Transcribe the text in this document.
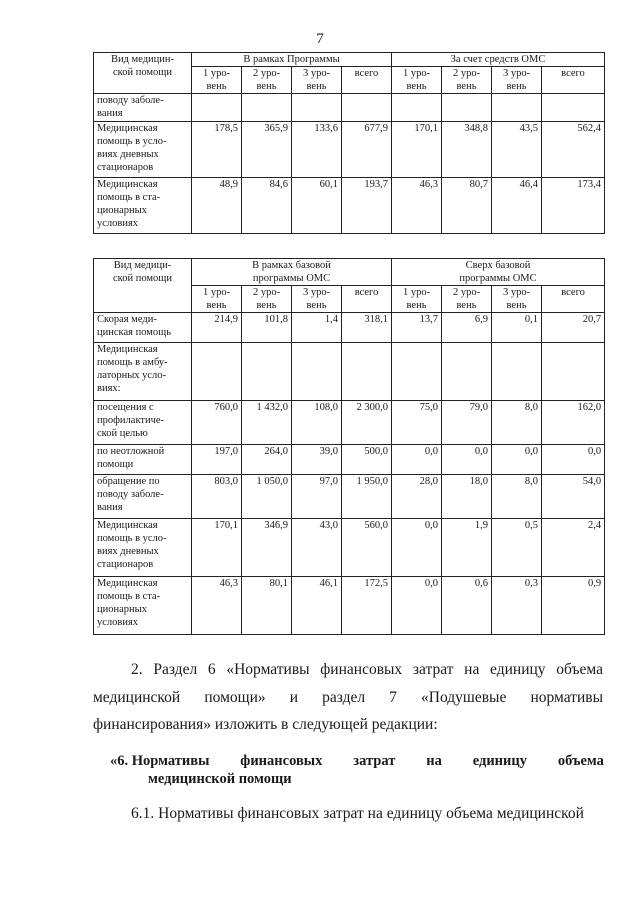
7
Вид медицин-
ской помощи	В рамках Программы				За счет средств ОМС			
	1 уро-
вень	2 уро-
вень	3 уро-
вень	всего	1 уро-
вень	2 уро-
вень	3 уро-
вень	всего
поводу заболе-
вания								
Медицинская
помощь в усло-
виях дневных
стационаров	178,5	365,9	133,6	677,9	170,1	348,8	43,5	562,4
Медицинская
помощь в ста-
ционарных
условиях	48,9	84,6	60,1	193,7	46,3	80,7	46,4	173,4
Вид медици-
ской помощи	В рамках базовой
программы ОМС				Сверх базовой
программы ОМС			
	1 уро-
вень	2 уро-
вень	3 уро-
вень	всего	1 уро-
вень	2 уро-
вень	3 уро-
вень	всего
Скорая меди-
цинская помощь	214,9	101,8	1,4	318,1	13,7	6,9	0,1	20,7
Медицинская
помощь в амбу-
латорных усло-
виях:								
посещения с
профилактиче-
ской целью	760,0	1 432,0	108,0	2 300,0	75,0	79,0	8,0	162,0
по неотложной
помощи	197,0	264,0	39,0	500,0	0,0	0,0	0,0	0,0
обращение по
поводу заболе-
вания	803,0	1 050,0	97,0	1 950,0	28,0	18,0	8,0	54,0
Медицинская
помощь в усло-
виях дневных
стационаров	170,1	346,9	43,0	560,0	0,0	1,9	0,5	2,4
Медицинская
помощь в ста-
ционарных
условиях	46,3	80,1	46,1	172,5	0,0	0,6	0,3	0,9
2. Раздел 6 «Нормативы финансовых затрат на единицу объема медицинской помощи» и раздел 7 «Подушевые нормативы финансирования» изложить в следующей редакции:
«6. Нормативы финансовых затрат на единицу объема
медицинской помощи
6.1. Нормативы финансовых затрат на единицу объема медицинской
